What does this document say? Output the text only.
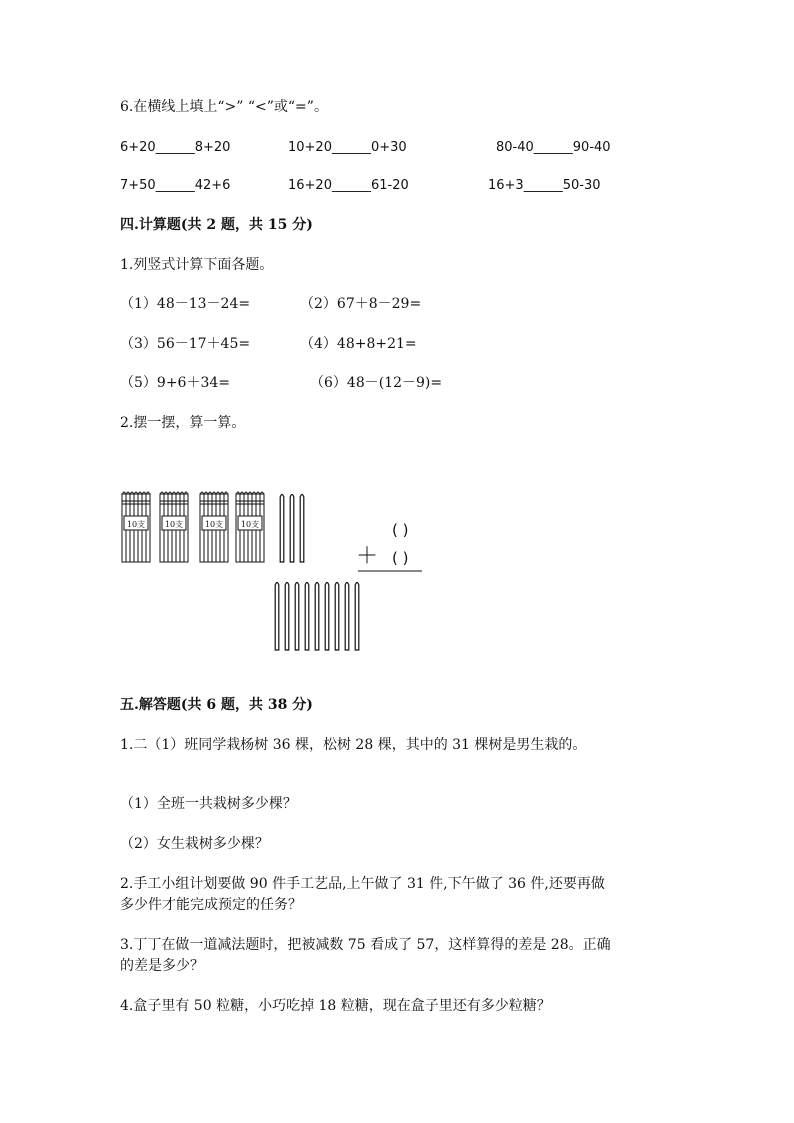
6.在横线上填上“>” “<”或“=”。
6+20______8+20	10+20______0+30	80-40______90-40
7+50______42+6	16+20______61-20	16+3______50-30
四.计算题(共 2 题，共 15 分)
1.列竖式计算下面各题。
（1）48－13－24=	（2）67＋8－29=
（3）56－17＋45=	（4）48+8+21=
（5）9+6＋34=	（6）48－(12－9)=
2.摆一摆，算一算。
10支 10支	10支 10支	( )
＋ ( )
五.解答题(共 6 题，共 38 分)
1.二（1）班同学栽杨树 36 棵，松树 28 棵，其中的 31 棵树是男生栽的。
（1）全班一共栽树多少棵？
（2）女生栽树多少棵？
2.手工小组计划要做 90 件手工艺品,上午做了 31 件,下午做了 36 件,还要再做
多少件才能完成预定的任务？
3.丁丁在做一道减法题时，把被减数 75 看成了 57，这样算得的差是 28。正确
的差是多少？
4.盒子里有 50 粒糖，小巧吃掉 18 粒糖，现在盒子里还有多少粒糖？
